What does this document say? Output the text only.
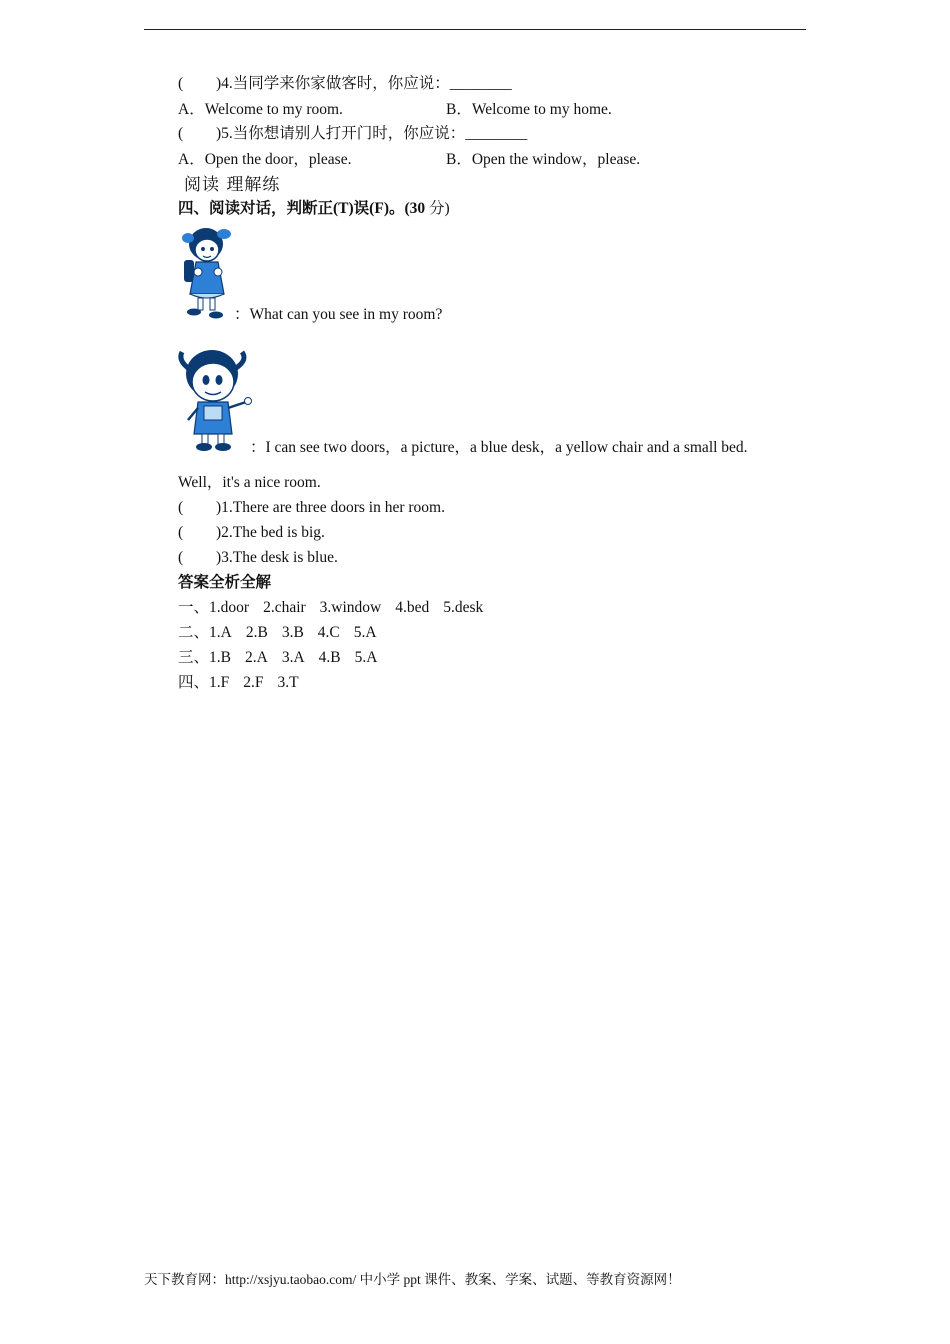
( )4.当同学来你家做客时，你应说：________
A．Welcome to my room.	B．Welcome to my home.
( )5.当你想请别人打开门时，你应说：________
A．Open the door，please.	B．Open the window，please.
阅读 理解练
四、阅读对话，判断正(T)误(F)。(30 分)
：What can you see in my room?
：I can see two doors，a picture，a blue desk，a yellow chair and a small bed.
Well，it's a nice room.
( )1.There are three doors in her room.
( )2.The bed is big.
( )3.The desk is blue.
答案全析全解
一、1.door 2.chair 3.window 4.bed 5.desk
二、1.A 2.B 3.B 4.C 5.A
三、1.B 2.A 3.A 4.B 5.A
四、1.F 2.F 3.T
天下教育网：http://xsjyu.taobao.com/ 中小学 ppt 课件、教案、学案、试题、等教育资源网！
